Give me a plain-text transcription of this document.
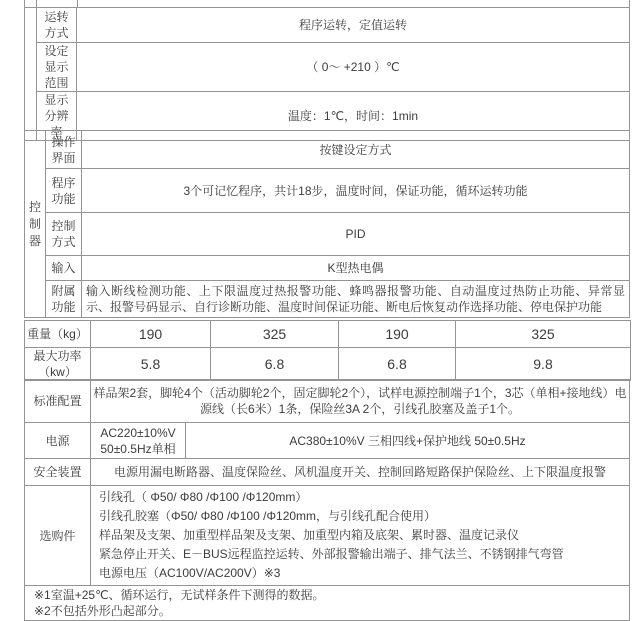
	运转方式	程序运转，定值运转
	设定显示范围	（ 0～ +210 ）℃
	显示分辨率	温度：1℃，时间：1min
控制器	操作界面	按键设定方式
	程序功能	3个可记忆程序，共计18步，温度时间，保证功能，循环运转功能
	控制方式	PID
	输入	K型热电偶
	附属功能	输入断线检测功能、上下限温度过热报警功能、蜂鸣器报警功能、自动温度过热防止功能、异常显示、报警号码显示、自行诊断功能、温度时间保证功能、断电后恢复动作选择功能、停电保护功能
重量（kg）	190	325	190	325
最大功率（kw）	5.8	6.8	6.8	9.8
标准配置	样品架2套，脚轮4个（活动脚轮2个，固定脚轮2个），试样电源控制端子1个，3芯（单相+接地线）电源线（长6米）1条，保险丝3A 2个，引线孔胶塞及盖子1个。	
电源	AC220±10%V 50±0.5Hz单相	AC380±10%V 三相四线+保护地线 50±0.5Hz
安全装置	电源用漏电断路器、温度保险丝、风机温度开关、控制回路短路保护保险丝、上下限温度报警	
选购件	引线孔（ Φ50/ Φ80 /Φ100 /Φ120mm）
引线孔胶塞（Φ50/ Φ80 /Φ100 /Φ120mm，与引线孔配合使用）
样品架及支架、加重型样品架及支架、加重型内箱及底架、累时器、温度记录仪
紧急停止开关、E－BUS远程监控运转、外部报警输出端子、排气法兰、不锈钢排气弯管
电源电压（AC100V/AC200V）※3	
※1室温+25℃、循环运行，无试样条件下测得的数据。
※2不包括外形凸起部分。
